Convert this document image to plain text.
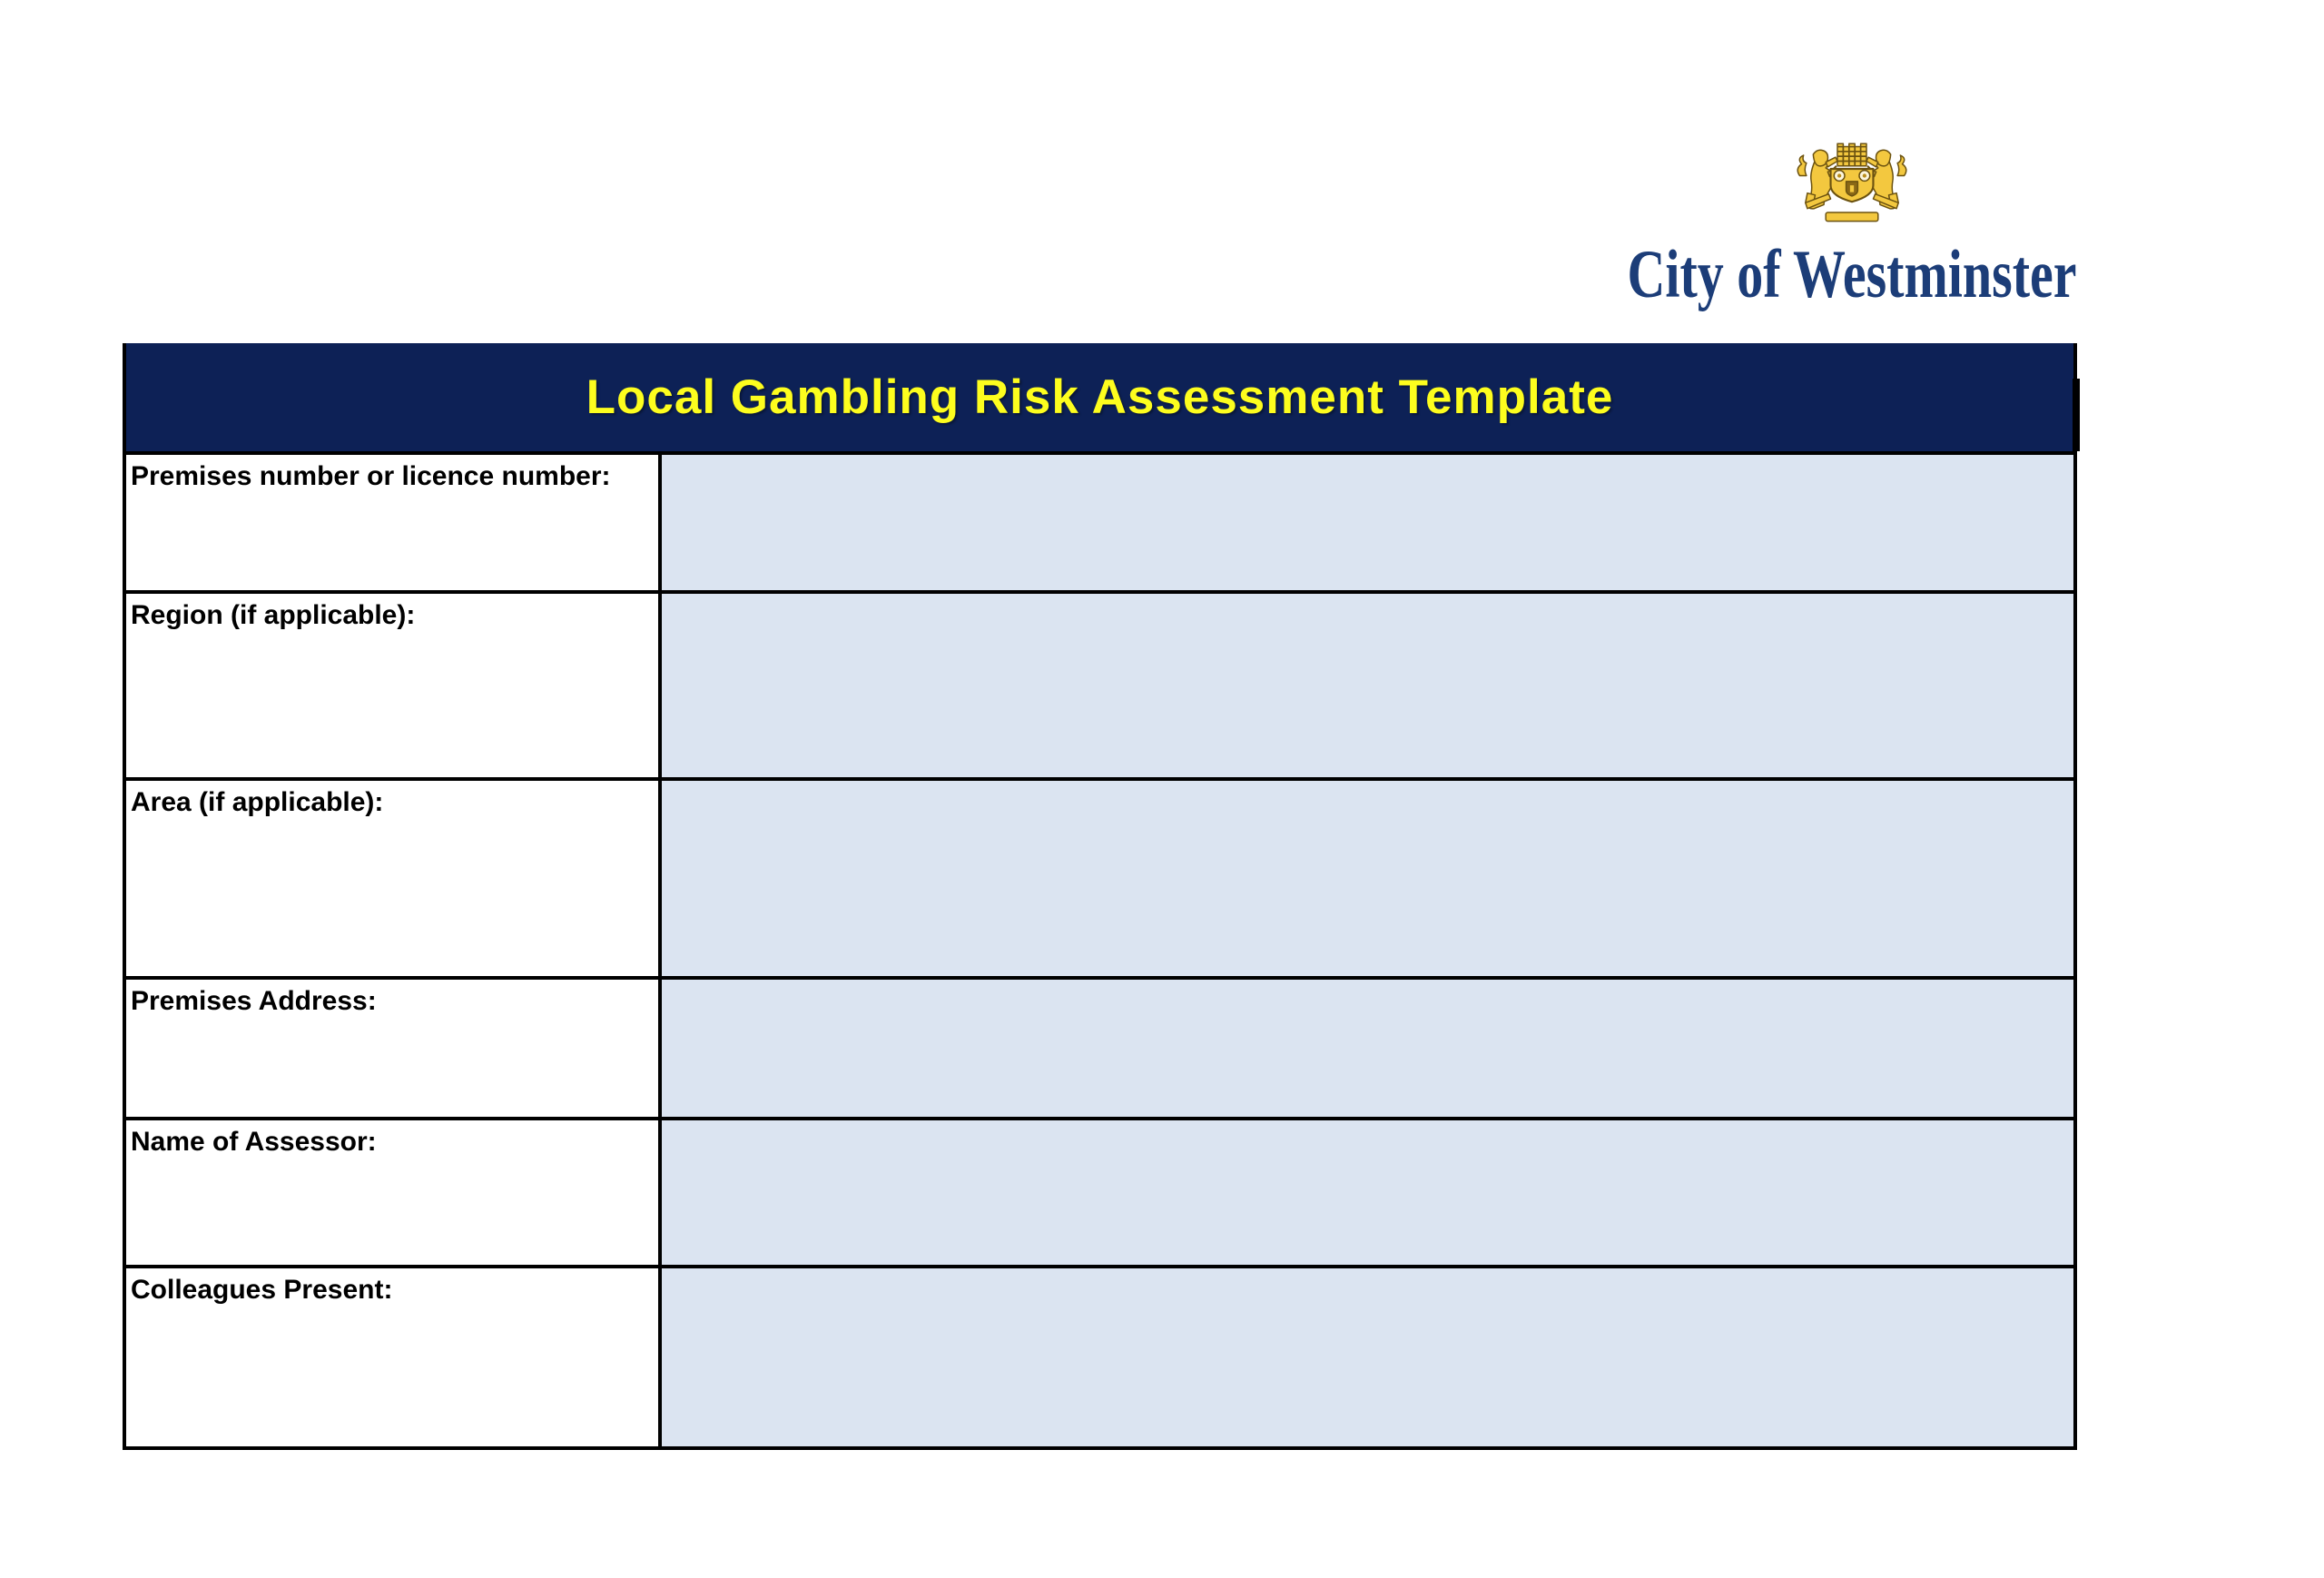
City of Westminster
Local Gambling Risk Assessment Template
Premises number or licence number:
Region (if applicable):
Area (if applicable):
Premises Address:
Name of Assessor:
Colleagues Present:
